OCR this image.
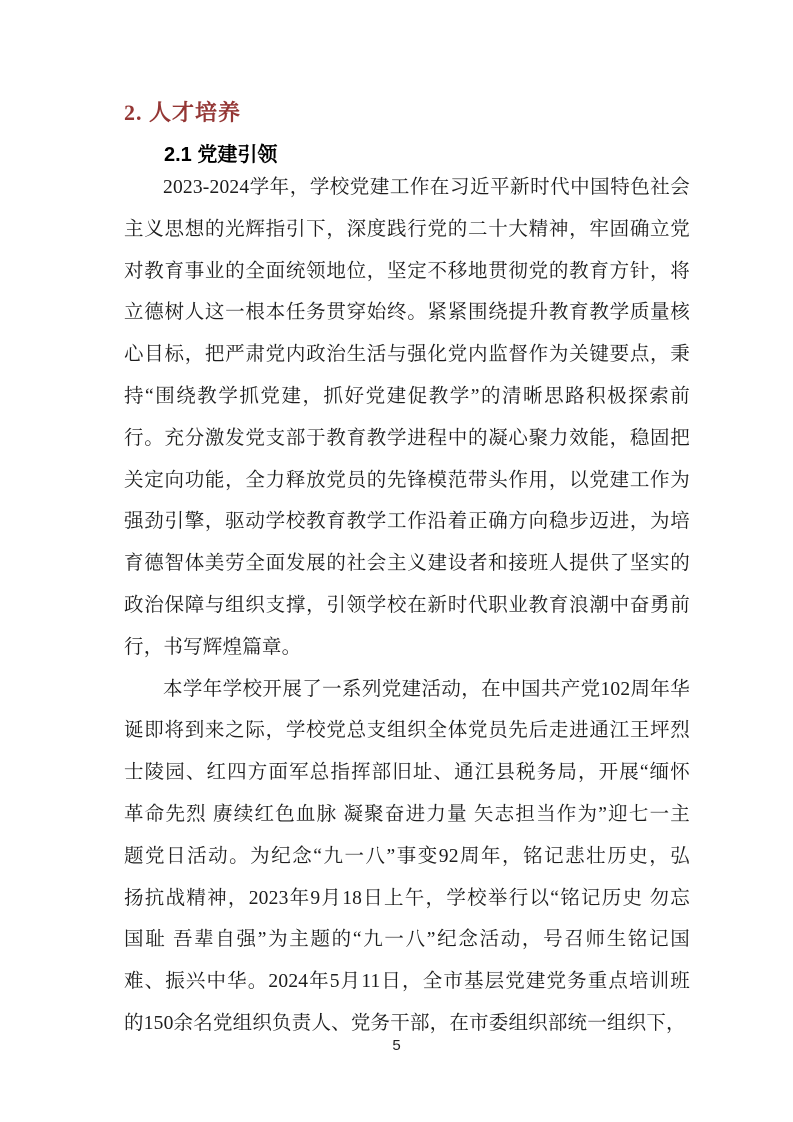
2. 人才培养
2.1 党建引领
2023-2024学年，学校党建工作在习近平新时代中国特色社会
主义思想的光辉指引下，深度践行党的二十大精神，牢固确立党
对教育事业的全面统领地位，坚定不移地贯彻党的教育方针，将
立德树人这一根本任务贯穿始终。紧紧围绕提升教育教学质量核
心目标，把严肃党内政治生活与强化党内监督作为关键要点，秉
持“围绕教学抓党建，抓好党建促教学”的清晰思路积极探索前
行。充分激发党支部于教育教学进程中的凝心聚力效能，稳固把
关定向功能，全力释放党员的先锋模范带头作用，以党建工作为
强劲引擎，驱动学校教育教学工作沿着正确方向稳步迈进，为培
育德智体美劳全面发展的社会主义建设者和接班人提供了坚实的
政治保障与组织支撑，引领学校在新时代职业教育浪潮中奋勇前
行，书写辉煌篇章。
本学年学校开展了一系列党建活动，在中国共产党102周年华
诞即将到来之际，学校党总支组织全体党员先后走进通江王坪烈
士陵园、红四方面军总指挥部旧址、通江县税务局，开展“缅怀
革命先烈 赓续红色血脉 凝聚奋进力量 矢志担当作为”迎七一主
题党日活动。为纪念“九一八”事变92周年，铭记悲壮历史，弘
扬抗战精神，2023年9月18日上午，学校举行以“铭记历史 勿忘
国耻 吾辈自强”为主题的“九一八”纪念活动，号召师生铭记国
难、振兴中华。2024年5月11日，全市基层党建党务重点培训班
的150余名党组织负责人、党务干部，在市委组织部统一组织下，
5
